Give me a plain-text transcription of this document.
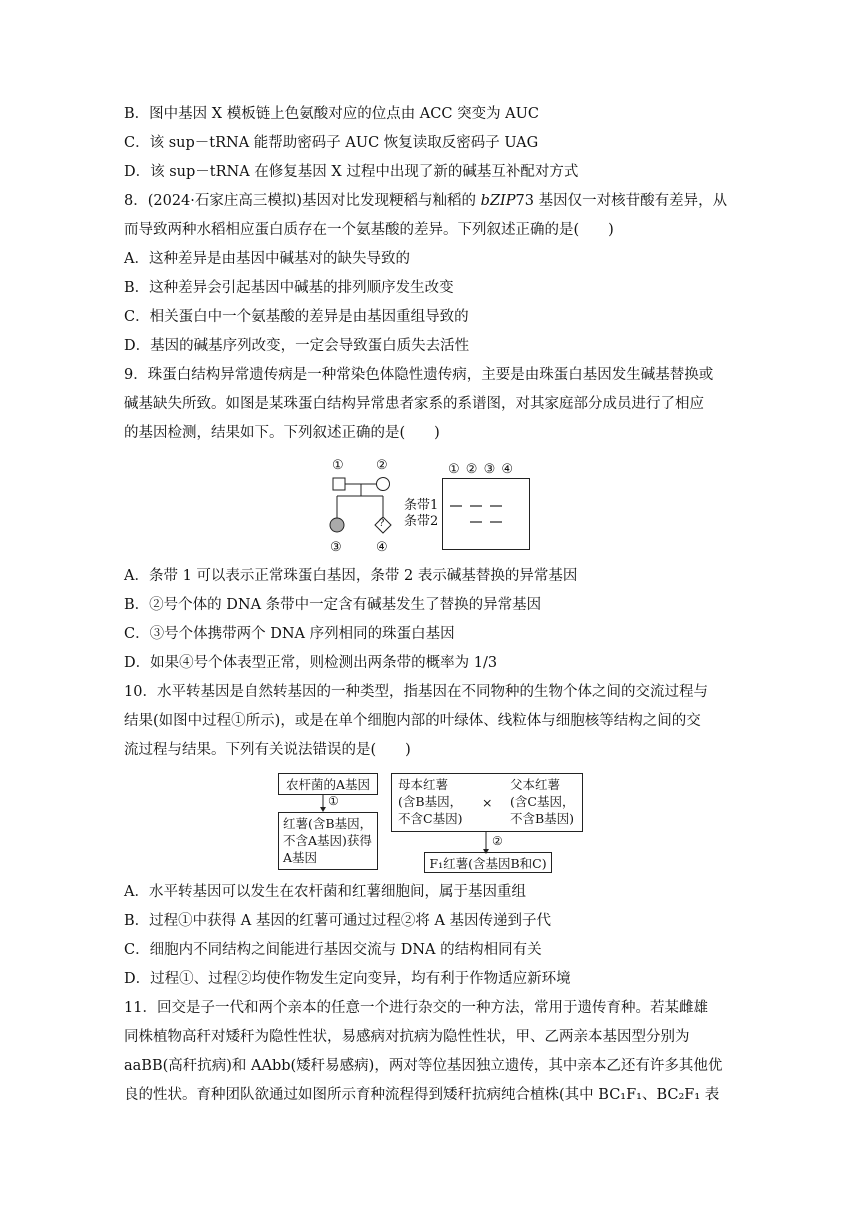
B．图中基因 X 模板链上色氨酸对应的位点由 ACC 突变为 AUC
C．该 sup－tRNA 能帮助密码子 AUC 恢复读取反密码子 UAG
D．该 sup－tRNA 在修复基因 X 过程中出现了新的碱基互补配对方式
8．(2024·石家庄高三模拟)基因对比发现粳稻与籼稻的 bZIP73 基因仅一对核苷酸有差异，从
而导致两种水稻相应蛋白质存在一个氨基酸的差异。下列叙述正确的是(　　)
A．这种差异是由基因中碱基对的缺失导致的
B．这种差异会引起基因中碱基的排列顺序发生改变
C．相关蛋白中一个氨基酸的差异是由基因重组导致的
D．基因的碱基序列改变，一定会导致蛋白质失去活性
9．珠蛋白结构异常遗传病是一种常染色体隐性遗传病，主要是由珠蛋白基因发生碱基替换或
碱基缺失所致。如图是某珠蛋白结构异常患者家系的系谱图，对其家庭部分成员进行了相应
的基因检测，结果如下。下列叙述正确的是(　　)
① ②
?
③	④
① ② ③ ④
条带1
条带2
A．条带 1 可以表示正常珠蛋白基因，条带 2 表示碱基替换的异常基因
B．②号个体的 DNA 条带中一定含有碱基发生了替换的异常基因
C．③号个体携带两个 DNA 序列相同的珠蛋白基因
D．如果④号个体表型正常，则检测出两条带的概率为 1/3
10．水平转基因是自然转基因的一种类型，指基因在不同物种的生物个体之间的交流过程与
结果(如图中过程①所示)，或是在单个细胞内部的叶绿体、线粒体与细胞核等结构之间的交
流过程与结果。下列有关说法错误的是(　　)
农杆菌的A基因
①
红薯(含B基因，
不含A基因)获得
A基因
母本红薯
(含B基因，
不含C基因)
×
父本红薯
(含C基因，
不含B基因)
②
F₁红薯(含基因B和C)
A．水平转基因可以发生在农杆菌和红薯细胞间，属于基因重组
B．过程①中获得 A 基因的红薯可通过过程②将 A 基因传递到子代
C．细胞内不同结构之间能进行基因交流与 DNA 的结构相同有关
D．过程①、过程②均使作物发生定向变异，均有利于作物适应新环境
11．回交是子一代和两个亲本的任意一个进行杂交的一种方法，常用于遗传育种。若某雌雄
同株植物高秆对矮秆为隐性性状，易感病对抗病为隐性性状，甲、乙两亲本基因型分别为
aaBB(高秆抗病)和 AAbb(矮秆易感病)，两对等位基因独立遗传，其中亲本乙还有许多其他优
良的性状。育种团队欲通过如图所示育种流程得到矮秆抗病纯合植株(其中 BC₁F₁、BC₂F₁ 表
